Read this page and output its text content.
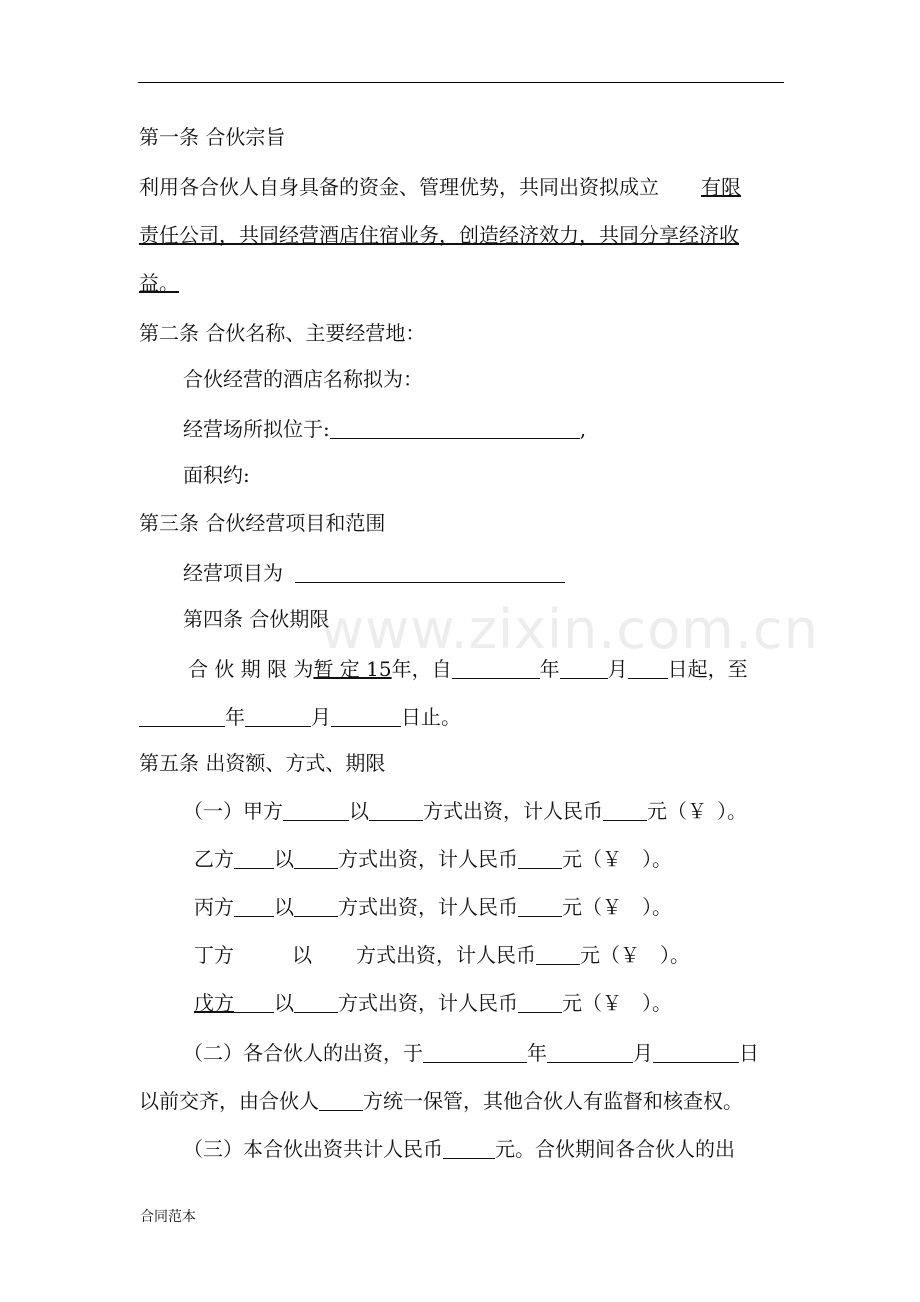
www.zixin.com.cn
第一条 合伙宗旨
利用各合伙人自身具备的资金、管理优势，共同出资拟成立 有限
责任公司，共同经营酒店住宿业务，创造经济效力，共同分享经济收
益。
第二条 合伙名称、主要经营地：
合伙经营的酒店名称拟为：
经营场所拟位于:	,
面积约:
第三条 合伙经营项目和范围
经营项目为
第四条 合伙期限
合 伙 期 限 为暂 定 15年，自	年 月 日起，至
年	月	日止。
第五条 出资额、方式、期限
（一）甲方	以	方式出资，计人民币 元（￥ ）。
乙方 以 方式出资，计人民币 元（￥ ）。
丙方 以 方式出资，计人民币 元（￥ ）。
丁方	以 方式出资，计人民币 元（￥ ）。
戊方 以 方式出资，计人民币 元（￥ ）。
（二）各合伙人的出资，于	年	月	日
以前交齐，由合伙人 方统一保管，其他合伙人有监督和核查权。
（三）本合伙出资共计人民币	元。合伙期间各合伙人的出
合同范本
